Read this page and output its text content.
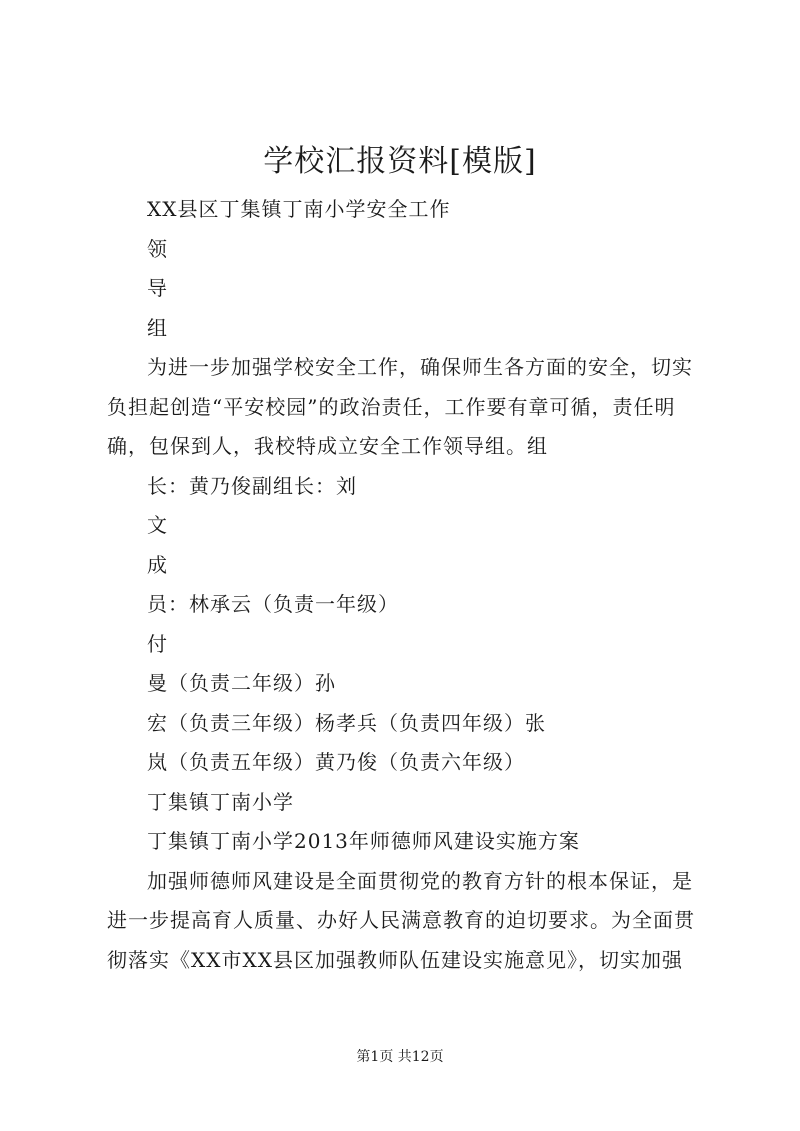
学校汇报资料[模版]

XX县区丁集镇丁南小学安全工作

领

导

组

为进一步加强学校安全工作，确保师生各方面的安全，切实负担起创造“平安校园”的政治责任，工作要有章可循，责任明确，包保到人，我校特成立安全工作领导组。组

长：黄乃俊副组长：刘

文

成

员：林承云（负责一年级）

付

曼（负责二年级）孙

宏（负责三年级）杨孝兵（负责四年级）张

岚（负责五年级）黄乃俊（负责六年级）

丁集镇丁南小学

丁集镇丁南小学2013年师德师风建设实施方案

加强师德师风建设是全面贯彻党的教育方针的根本保证，是进一步提高育人质量、办好人民满意教育的迫切要求。为全面贯彻落实《XX市XX县区加强教师队伍建设实施意见》，切实加强

第1页 共12页
